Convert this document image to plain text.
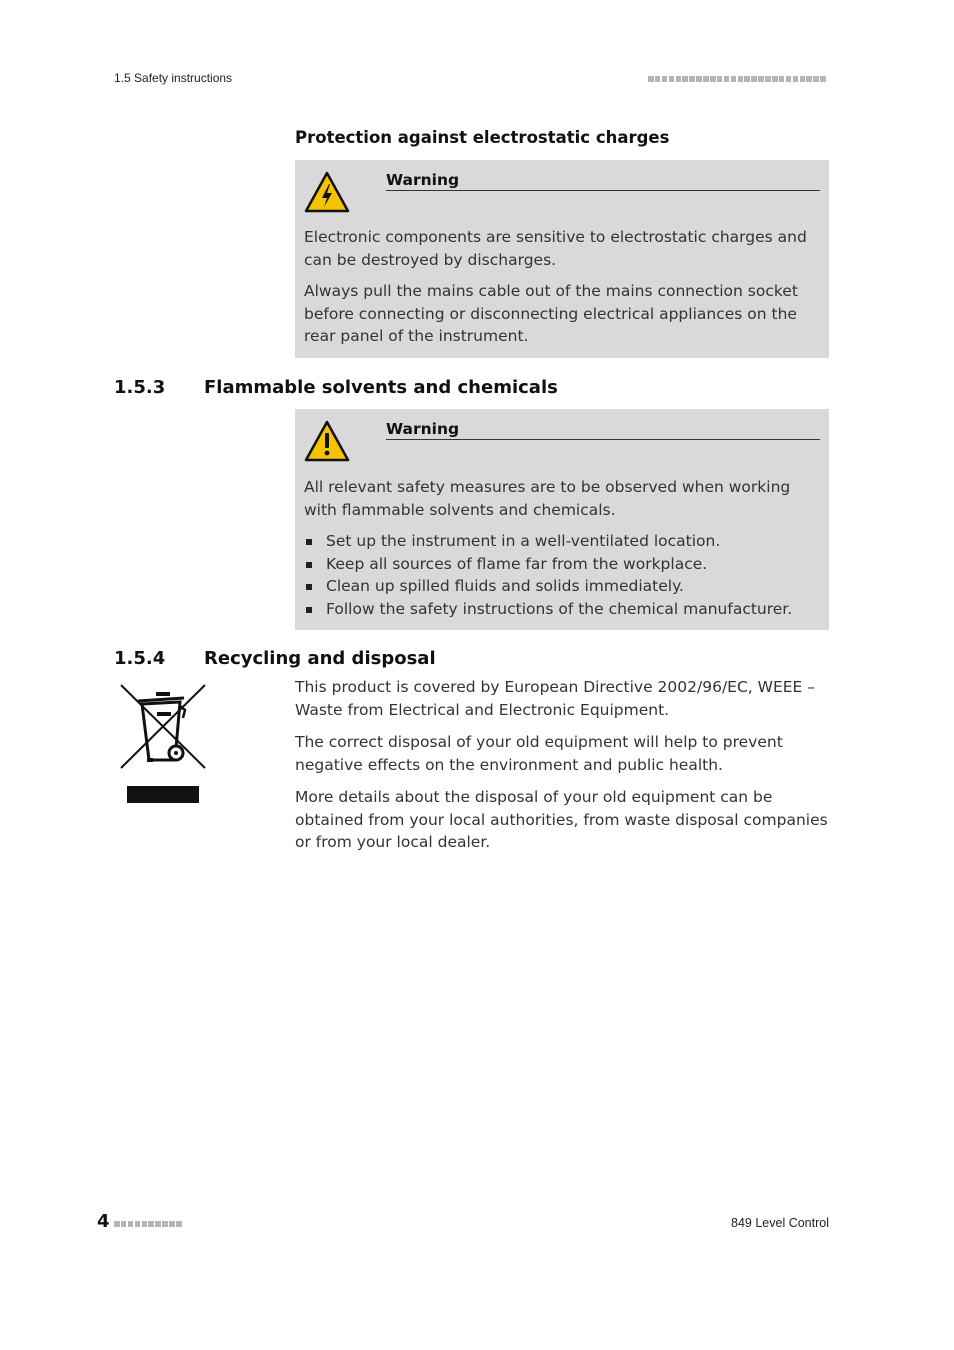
1.5 Safety instructions
Protection against electrostatic charges
Warning

Electronic components are sensitive to electrostatic charges and can be destroyed by discharges.

Always pull the mains cable out of the mains connection socket before connecting or disconnecting electrical appliances on the rear panel of the instrument.

1.5.3 Flammable solvents and chemicals
Warning

All relevant safety measures are to be observed when working with flammable solvents and chemicals.

Set up the instrument in a well-ventilated location.
Keep all sources of flame far from the workplace.
Clean up spilled fluids and solids immediately.
Follow the safety instructions of the chemical manufacturer.
1.5.4 Recycling and disposal

This product is covered by European Directive 2002/96/EC, WEEE – Waste from Electrical and Electronic Equipment.

The correct disposal of your old equipment will help to prevent negative effects on the environment and public health.

More details about the disposal of your old equipment can be obtained from your local authorities, from waste disposal companies or from your local dealer.

4	849 Level Control
